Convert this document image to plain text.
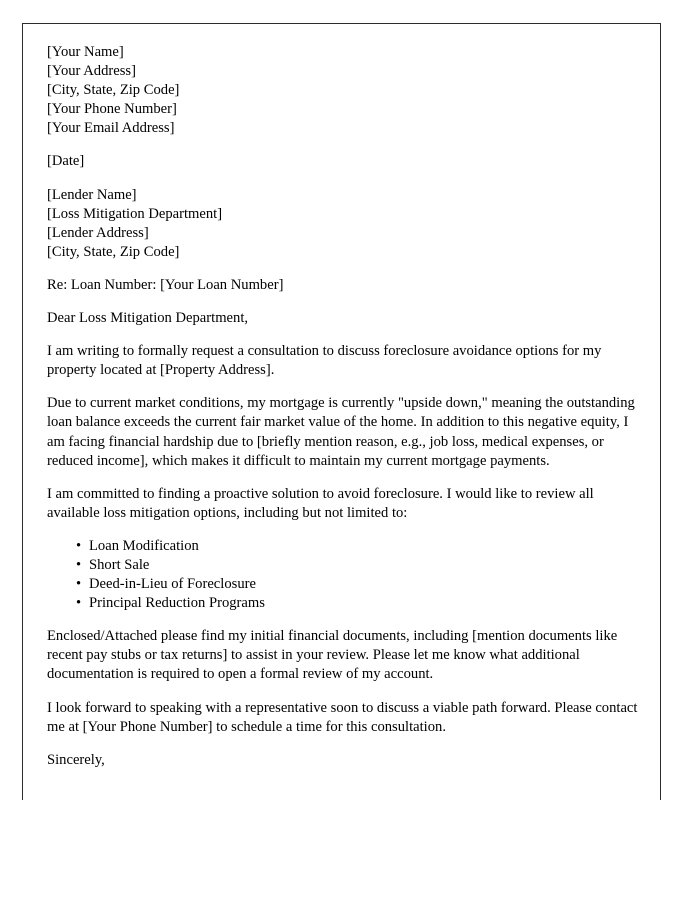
[Your Name]
[Your Address]
[City, State, Zip Code]
[Your Phone Number]
[Your Email Address]

[Date]

[Lender Name]
[Loss Mitigation Department]
[Lender Address]
[City, State, Zip Code]

Re: Loan Number: [Your Loan Number]

Dear Loss Mitigation Department,

I am writing to formally request a consultation to discuss foreclosure avoidance options for my property located at [Property Address].

Due to current market conditions, my mortgage is currently "upside down," meaning the outstanding loan balance exceeds the current fair market value of the home. In addition to this negative equity, I am facing financial hardship due to [briefly mention reason, e.g., job loss, medical expenses, or reduced income], which makes it difficult to maintain my current mortgage payments.

I am committed to finding a proactive solution to avoid foreclosure. I would like to review all available loss mitigation options, including but not limited to:

• Loan Modification
• Short Sale
• Deed-in-Lieu of Foreclosure
• Principal Reduction Programs

Enclosed/Attached please find my initial financial documents, including [mention documents like recent pay stubs or tax returns] to assist in your review. Please let me know what additional documentation is required to open a formal review of my account.

I look forward to speaking with a representative soon to discuss a viable path forward. Please contact me at [Your Phone Number] to schedule a time for this consultation.

Sincerely,
